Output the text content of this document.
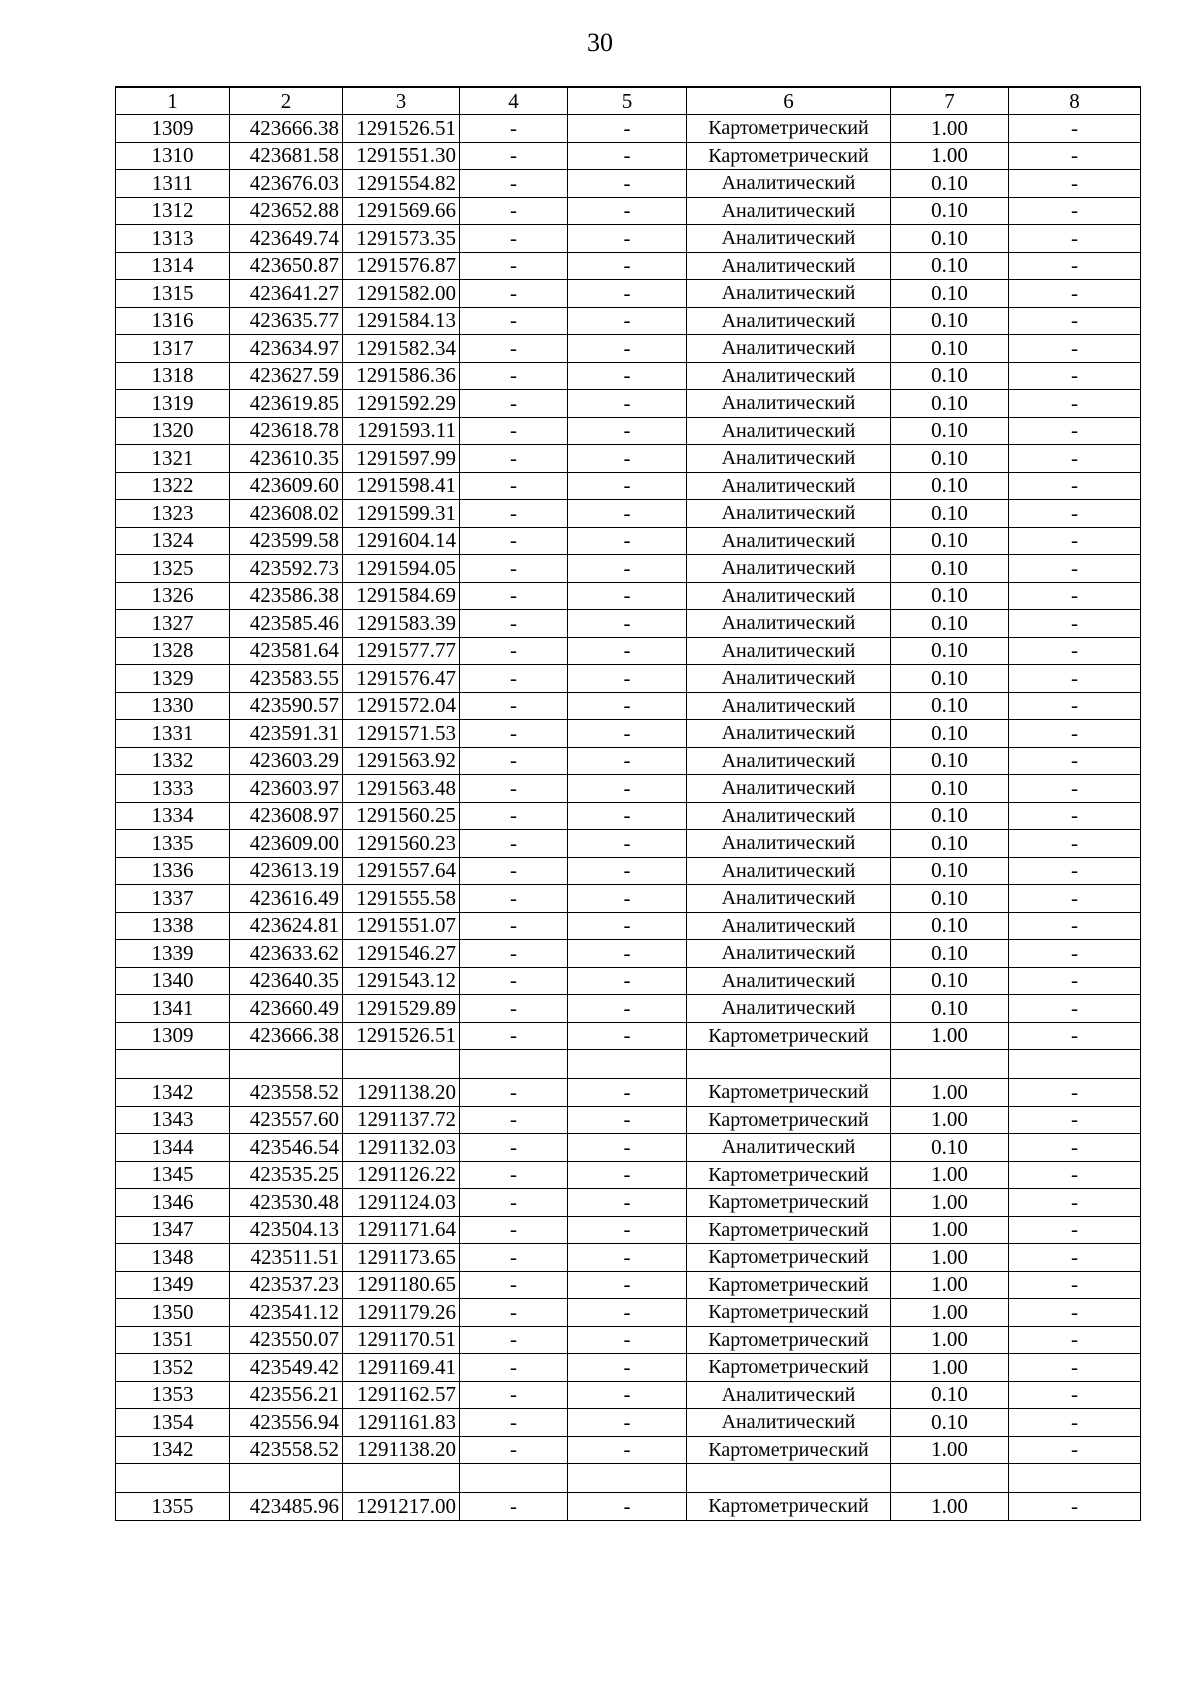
30
1	2	3	4	5	6	7	8
1309	423666.38	1291526.51	-	-	Картометрический	1.00	-
1310	423681.58	1291551.30	-	-	Картометрический	1.00	-
1311	423676.03	1291554.82	-	-	Аналитический	0.10	-
1312	423652.88	1291569.66	-	-	Аналитический	0.10	-
1313	423649.74	1291573.35	-	-	Аналитический	0.10	-
1314	423650.87	1291576.87	-	-	Аналитический	0.10	-
1315	423641.27	1291582.00	-	-	Аналитический	0.10	-
1316	423635.77	1291584.13	-	-	Аналитический	0.10	-
1317	423634.97	1291582.34	-	-	Аналитический	0.10	-
1318	423627.59	1291586.36	-	-	Аналитический	0.10	-
1319	423619.85	1291592.29	-	-	Аналитический	0.10	-
1320	423618.78	1291593.11	-	-	Аналитический	0.10	-
1321	423610.35	1291597.99	-	-	Аналитический	0.10	-
1322	423609.60	1291598.41	-	-	Аналитический	0.10	-
1323	423608.02	1291599.31	-	-	Аналитический	0.10	-
1324	423599.58	1291604.14	-	-	Аналитический	0.10	-
1325	423592.73	1291594.05	-	-	Аналитический	0.10	-
1326	423586.38	1291584.69	-	-	Аналитический	0.10	-
1327	423585.46	1291583.39	-	-	Аналитический	0.10	-
1328	423581.64	1291577.77	-	-	Аналитический	0.10	-
1329	423583.55	1291576.47	-	-	Аналитический	0.10	-
1330	423590.57	1291572.04	-	-	Аналитический	0.10	-
1331	423591.31	1291571.53	-	-	Аналитический	0.10	-
1332	423603.29	1291563.92	-	-	Аналитический	0.10	-
1333	423603.97	1291563.48	-	-	Аналитический	0.10	-
1334	423608.97	1291560.25	-	-	Аналитический	0.10	-
1335	423609.00	1291560.23	-	-	Аналитический	0.10	-
1336	423613.19	1291557.64	-	-	Аналитический	0.10	-
1337	423616.49	1291555.58	-	-	Аналитический	0.10	-
1338	423624.81	1291551.07	-	-	Аналитический	0.10	-
1339	423633.62	1291546.27	-	-	Аналитический	0.10	-
1340	423640.35	1291543.12	-	-	Аналитический	0.10	-
1341	423660.49	1291529.89	-	-	Аналитический	0.10	-
1309	423666.38	1291526.51	-	-	Картометрический	1.00	-

1342	423558.52	1291138.20	-	-	Картометрический	1.00	-
1343	423557.60	1291137.72	-	-	Картометрический	1.00	-
1344	423546.54	1291132.03	-	-	Аналитический	0.10	-
1345	423535.25	1291126.22	-	-	Картометрический	1.00	-
1346	423530.48	1291124.03	-	-	Картометрический	1.00	-
1347	423504.13	1291171.64	-	-	Картометрический	1.00	-
1348	423511.51	1291173.65	-	-	Картометрический	1.00	-
1349	423537.23	1291180.65	-	-	Картометрический	1.00	-
1350	423541.12	1291179.26	-	-	Картометрический	1.00	-
1351	423550.07	1291170.51	-	-	Картометрический	1.00	-
1352	423549.42	1291169.41	-	-	Картометрический	1.00	-
1353	423556.21	1291162.57	-	-	Аналитический	0.10	-
1354	423556.94	1291161.83	-	-	Аналитический	0.10	-
1342	423558.52	1291138.20	-	-	Картометрический	1.00	-

1355	423485.96	1291217.00	-	-	Картометрический	1.00	-
